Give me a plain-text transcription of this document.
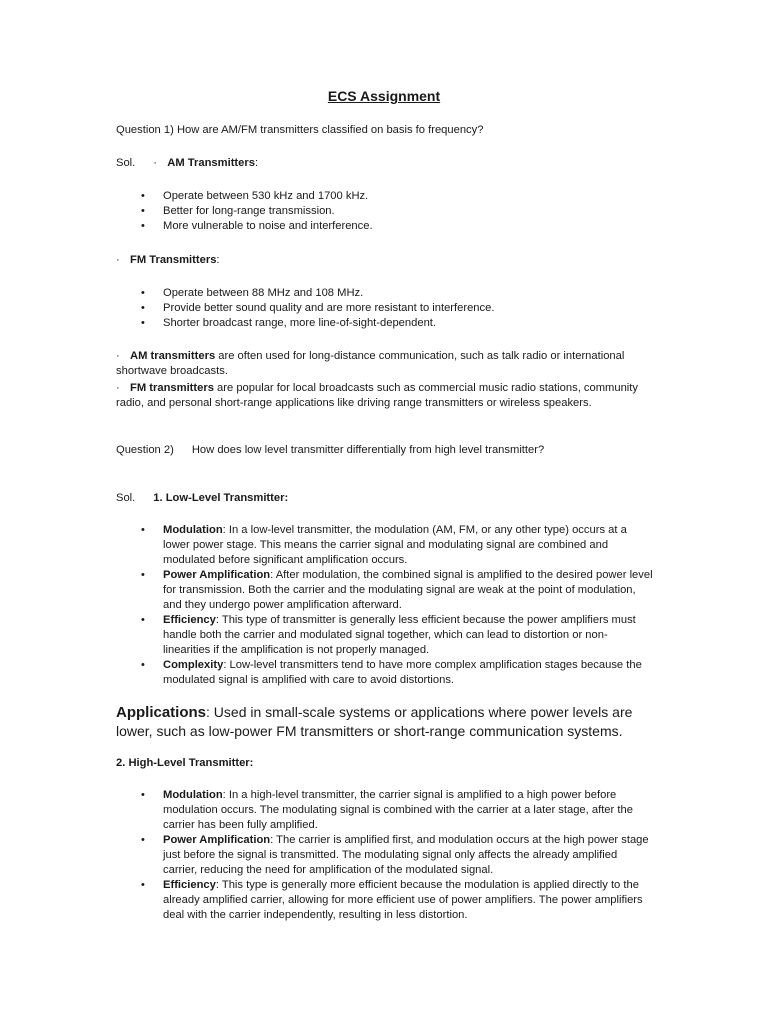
ECS Assignment
Question 1) How are AM/FM transmitters classified on basis fo frequency?
Sol. · AM Transmitters:
• Operate between 530 kHz and 1700 kHz.
• Better for long-range transmission.
• More vulnerable to noise and interference.
· FM Transmitters:
• Operate between 88 MHz and 108 MHz.
• Provide better sound quality and are more resistant to interference.
• Shorter broadcast range, more line-of-sight-dependent.
· AM transmitters are often used for long-distance communication, such as talk radio or international shortwave broadcasts.
· FM transmitters are popular for local broadcasts such as commercial music radio stations, community radio, and personal short-range applications like driving range transmitters or wireless speakers.
Question 2) How does low level transmitter differentially from high level transmitter?
Sol. 1. Low-Level Transmitter:
• Modulation: In a low-level transmitter, the modulation (AM, FM, or any other type) occurs at a lower power stage. This means the carrier signal and modulating signal are combined and modulated before significant amplification occurs.
• Power Amplification: After modulation, the combined signal is amplified to the desired power level for transmission. Both the carrier and the modulating signal are weak at the point of modulation, and they undergo power amplification afterward.
• Efficiency: This type of transmitter is generally less efficient because the power amplifiers must handle both the carrier and modulated signal together, which can lead to distortion or non-linearities if the amplification is not properly managed.
• Complexity: Low-level transmitters tend to have more complex amplification stages because the modulated signal is amplified with care to avoid distortions.
Applications: Used in small-scale systems or applications where power levels are lower, such as low-power FM transmitters or short-range communication systems.
2. High-Level Transmitter:
• Modulation: In a high-level transmitter, the carrier signal is amplified to a high power before modulation occurs. The modulating signal is combined with the carrier at a later stage, after the carrier has been fully amplified.
• Power Amplification: The carrier is amplified first, and modulation occurs at the high power stage just before the signal is transmitted. The modulating signal only affects the already amplified carrier, reducing the need for amplification of the modulated signal.
• Efficiency: This type is generally more efficient because the modulation is applied directly to the already amplified carrier, allowing for more efficient use of power amplifiers. The power amplifiers deal with the carrier independently, resulting in less distortion.
